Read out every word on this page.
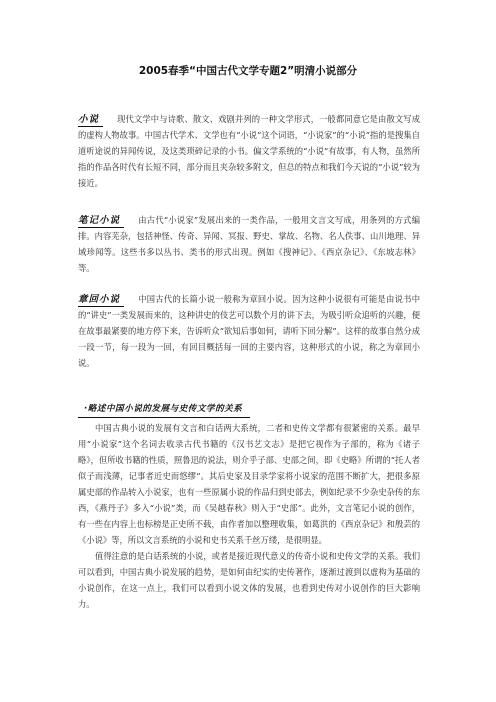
2005春季“中国古代文学专题2”明清小说部分

小说 现代文学中与诗歌、散文、戏剧并列的一种文学形式，一般都同意它是由散文写成的虚构人物故事。中国古代学术、文学也有“小说”这个词语，“小说家”的“小说”指的是搜集自道听途说的异闻传说，及这类琐碎记录的小书。偏文学系统的“小说”有故事，有人物，虽然所指的作品各时代有长短不同，部分而且夹杂较多附文，但总的特点和我们今天说的“小说”较为接近。

笔记小说 由古代“小说家”发展出来的一类作品，一般用文言文写成，用条列的方式编排。内容芜杂，包括神怪、传奇、异闻、冥报、野史、掌故、名物、名人佚事、山川地理、异域珍闻等。这些书多以丛书、类书的形式出现。例如《搜神记》、《西京杂记》、《东坡志林》等。

章回小说 中国古代的长篇小说一般称为章回小说。因为这种小说很有可能是由说书中的“讲史”一类发展而来的，这种讲史的伎艺可以数个月的讲下去，为吸引听众追听的兴趣，便在故事最紧要的地方停下来，告诉听众“欲知后事如何，请听下回分解”。这样的故事自然分成一段一节，每一段为一回，有回目概括每一回的主要内容，这种形式的小说，称之为章回小说。

·略述中国小说的发展与史传文学的关系

中国古典小说的发展有文言和白话两大系统，二者和史传文学都有很紧密的关系。最早用“小说家”这个名词去收录古代书籍的《汉书艺文志》是把它视作为子部的，称为《诸子略》，但所收书籍的性质，照鲁迅的说法，则介乎子部、史部之间，即《史略》所谓的“托人者似子而浅薄，记事者近史而悠缪”。其后史家及目录学家将小说家的范围不断扩大，把很多原属史部的作品转入小说家，也有一些原属小说的作品归到史部去，例如纪录不少杂史杂传的东西，《燕丹子》多入“小说”类，而《吴越春秋》则入于“史部”。此外，文言笔记小说的创作，有一些在内容上也标榜是正史所不载，由作者加以整理收集，如葛洪的《西京杂记》和殷芸的《小说》等，所以文言系统的小说和史书关系千丝万缕，是很明显。

值得注意的是白话系统的小说，或者是接近现代意义的传奇小说和史传文学的关系。我们可以看到，中国古典小说发展的趋势，是如何由纪实的史传著作，逐渐过渡到以虚构为基础的小说创作，在这一点上，我们可以看到小说文体的发展，也看到史传对小说创作的巨大影响力。
